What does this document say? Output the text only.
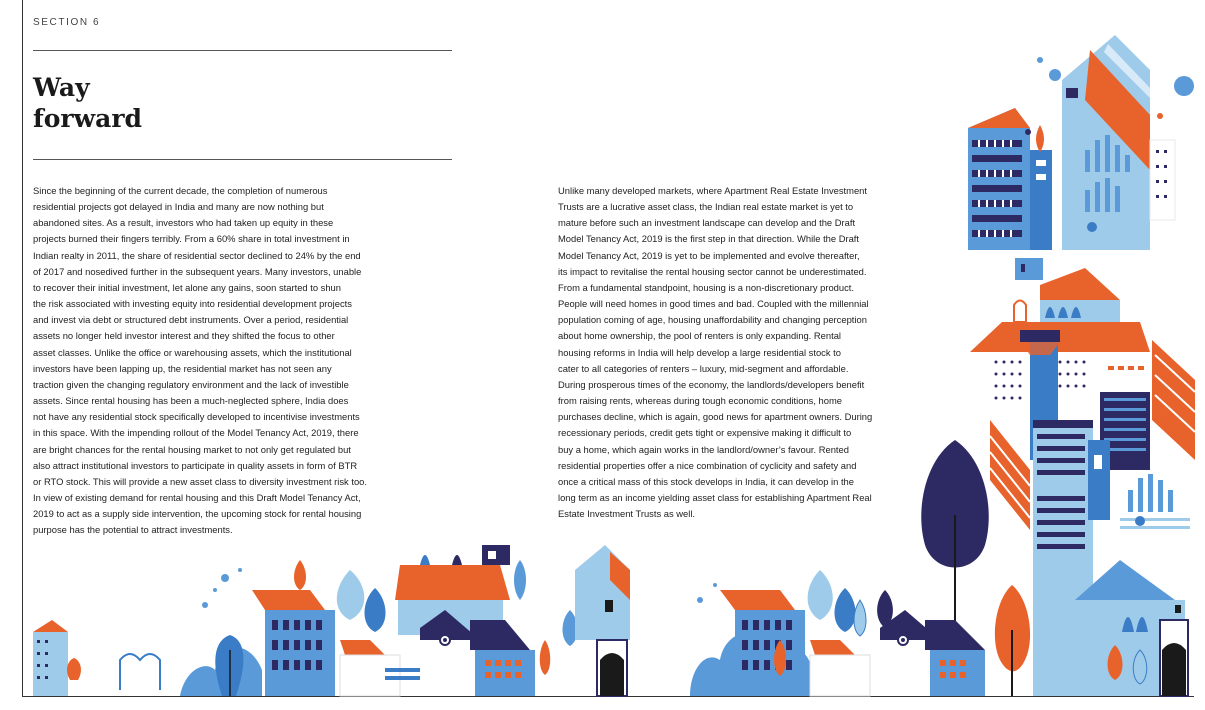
SECTION 6
Way
forward
Since the beginning of the current decade, the completion of numerous
residential projects got delayed in India and many are now nothing but
abandoned sites. As a result, investors who had taken up equity in these
projects burned their fingers terribly. From a 60% share in total investment in
Indian realty in 2011, the share of residential sector declined to 24% by the end
of 2017 and nosedived further in the subsequent years. Many investors, unable
to recover their initial investment, let alone any gains, soon started to shun
the risk associated with investing equity into residential development projects
and invest via debt or structured debt instruments. Over a period, residential
assets no longer held investor interest and they shifted the focus to other
asset classes. Unlike the office or warehousing assets, which the institutional
investors have been lapping up, the residential market has not seen any
traction given the changing regulatory environment and the lack of investible
assets. Since rental housing has been a much-neglected sphere, India does
not have any residential stock specifically developed to incentivise investments
in this space. With the impending rollout of the Model Tenancy Act, 2019, there
are bright chances for the rental housing market to not only get regulated but
also attract institutional investors to participate in quality assets in form of BTR
or RTO stock. This will provide a new asset class to diversity investment risk too.
In view of existing demand for rental housing and this Draft Model Tenancy Act,
2019 to act as a supply side intervention, the upcoming stock for rental housing
purpose has the potential to attract investments.
Unlike many developed markets, where Apartment Real Estate Investment
Trusts are a lucrative asset class, the Indian real estate market is yet to
mature before such an investment landscape can develop and the Draft
Model Tenancy Act, 2019 is the first step in that direction. While the Draft
Model Tenancy Act, 2019 is yet to be implemented and evolve thereafter,
its impact to revitalise the rental housing sector cannot be underestimated.
From a fundamental standpoint, housing is a non-discretionary product.
People will need homes in good times and bad. Coupled with the millennial
population coming of age, housing unaffordability and changing perception
about home ownership, the pool of renters is only expanding. Rental
housing reforms in India will help develop a large residential stock to
cater to all categories of renters – luxury, mid-segment and affordable.
During prosperous times of the economy, the landlords/developers benefit
from raising rents, whereas during tough economic conditions, home
purchases decline, which is again, good news for apartment owners. During
recessionary periods, credit gets tight or expensive making it difficult to
buy a home, which again works in the landlord/owner’s favour. Rented
residential properties offer a nice combination of cyclicity and safety and
once a critical mass of this stock develops in India, it can develop in the
long term as an income yielding asset class for establishing Apartment Real
Estate Investment Trusts as well.
